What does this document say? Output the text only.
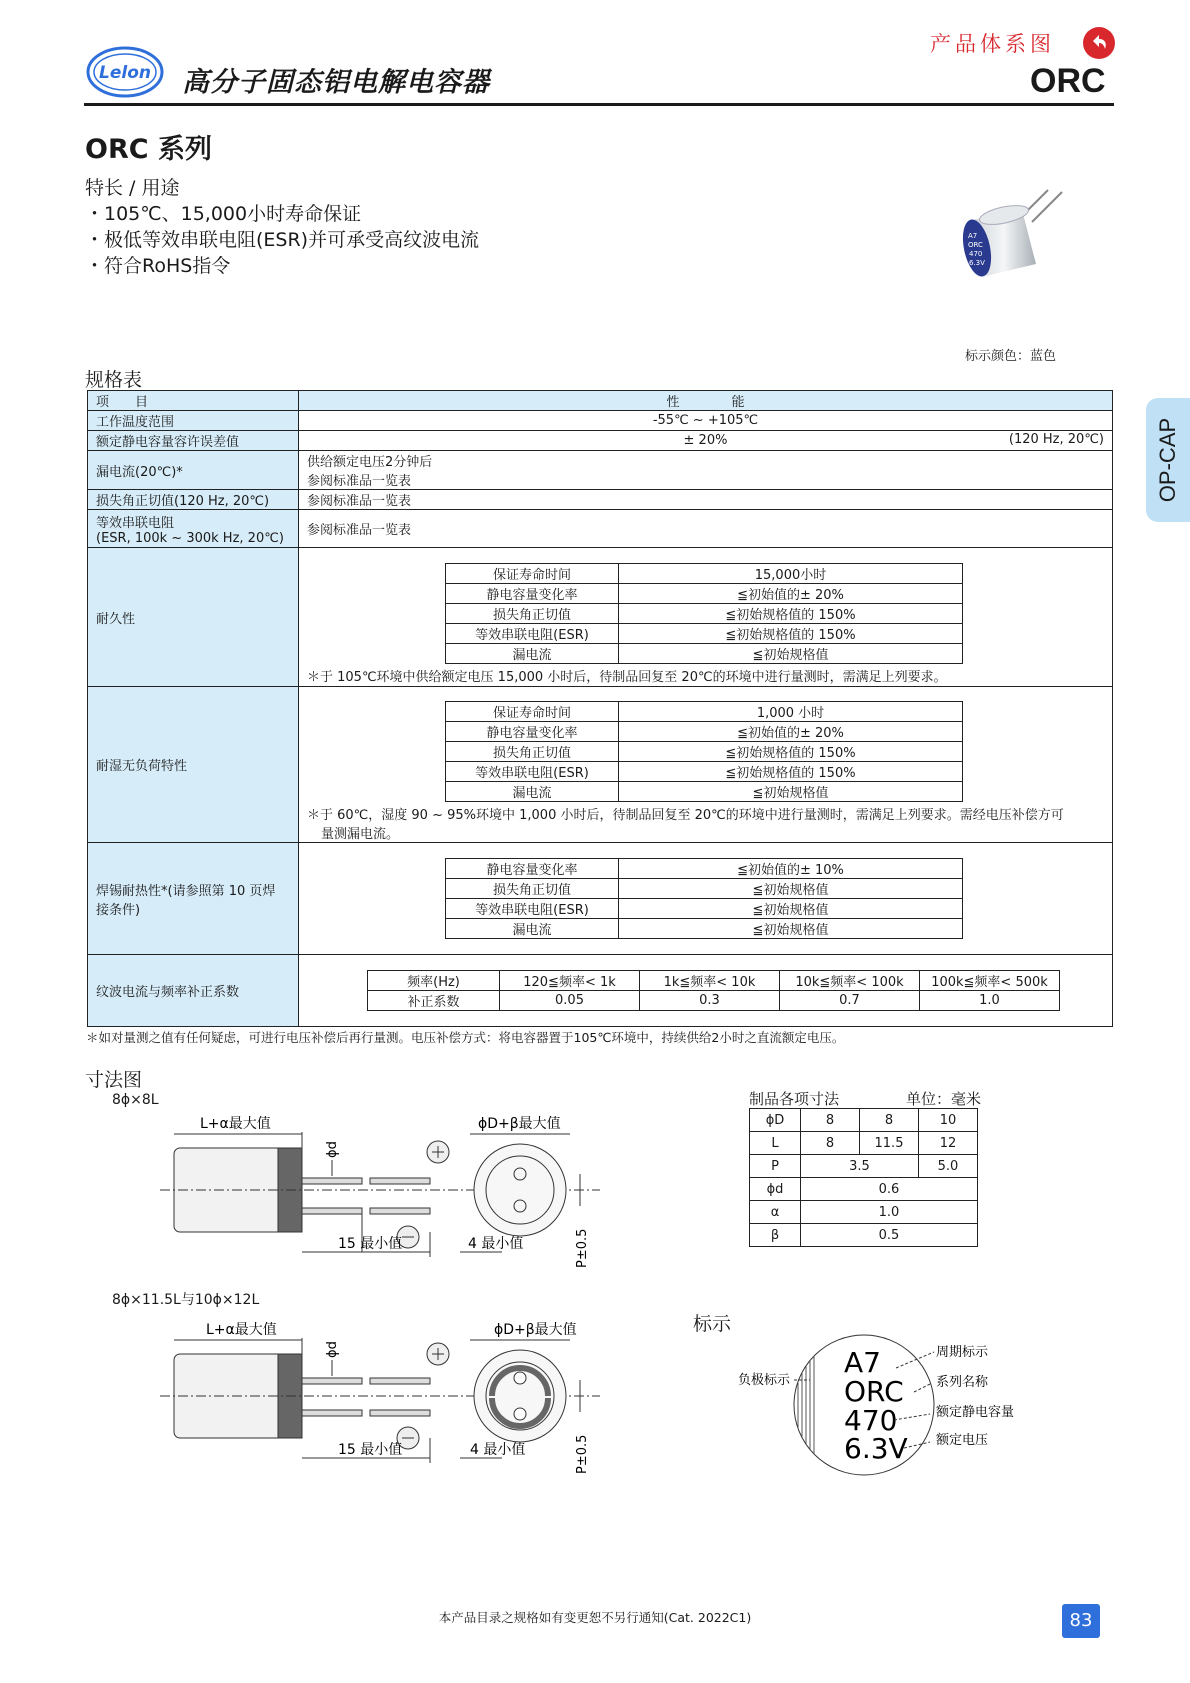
Lelon 高分子固态铝电解电容器
产品体系图
ORC
ORC 系列
特长 / 用途
・105℃、15,000小时寿命保证
・极低等效串联电阻(ESR)并可承受高纹波电流
・符合RoHS指令
A7
ORC
470
6.3V
标示颜色：蓝色
OP-CAP
规格表
项　　目	性　　　　能
工作温度范围	-55℃ ~ +105℃
额定静电容量容许误差值	± 20%	(120 Hz, 20℃)

漏电流(20℃)*	
供给额定电压2分钟后
参阅标准品一览表

损失角正切值(120 Hz, 20℃)	参阅标准品一览表

等效串联电阻
(ESR, 100k ~ 300k Hz, 20℃)	参阅标准品一览表
耐久性	
保证寿命时间	15,000小时
静电容量变化率	≦初始值的± 20%
损失角正切值	≦初始规格值的 150%
等效串联电阻(ESR)	≦初始规格值的 150%
漏电流	≦初始规格值
＊于 105℃环境中供给额定电压 15,000 小时后，待制品回复至 20℃的环境中进行量测时，需满足上列要求。

耐湿无负荷特性	
保证寿命时间	1,000 小时
静电容量变化率	≦初始值的± 20%
损失角正切值	≦初始规格值的 150%
等效串联电阻(ESR)	≦初始规格值的 150%
漏电流	≦初始规格值
＊于 60℃，湿度 90 ~ 95%环境中 1,000 小时后，待制品回复至 20℃的环境中进行量测时，需满足上列要求。需经电压补偿方可
量测漏电流。

焊锡耐热性*(请参照第 10 页焊
接条件)

静电容量变化率	≦初始值的± 10%
损失角正切值	≦初始规格值
等效串联电阻(ESR)	≦初始规格值
漏电流	≦初始规格值

纹波电流与频率补正系数	
频率(Hz)	120≦频率< 1k	1k≦频率< 10k	10k≦频率< 100k	100k≦频率< 500k
补正系数	0.05	0.3	0.7	1.0
＊如对量测之值有任何疑虑，可进行电压补偿后再行量测。电压补偿方式：将电容器置于105℃环境中，持续供给2小时之直流额定电压。
寸法图
8ϕ×8L
8ϕ×11.5L与10ϕ×12L
L+α最大值	ϕD+β最大值
ϕd
15 最小值	4 最小值	P±0.5
L+α最大值	ϕD+β最大值
ϕd
15 最小值	4 最小值	P±0.5
制品各项寸法	单位：毫米
ϕD	8	8	10
L	8	11.5	12
P	3.5		5.0
ϕd	0.6		
α	1.0		
β	0.5		
标示
A7
ORC
470
6.3V
负极标示
周期标示
系列名称
额定静电容量
额定电压
本产品目录之规格如有变更恕不另行通知(Cat. 2022C1)	83
